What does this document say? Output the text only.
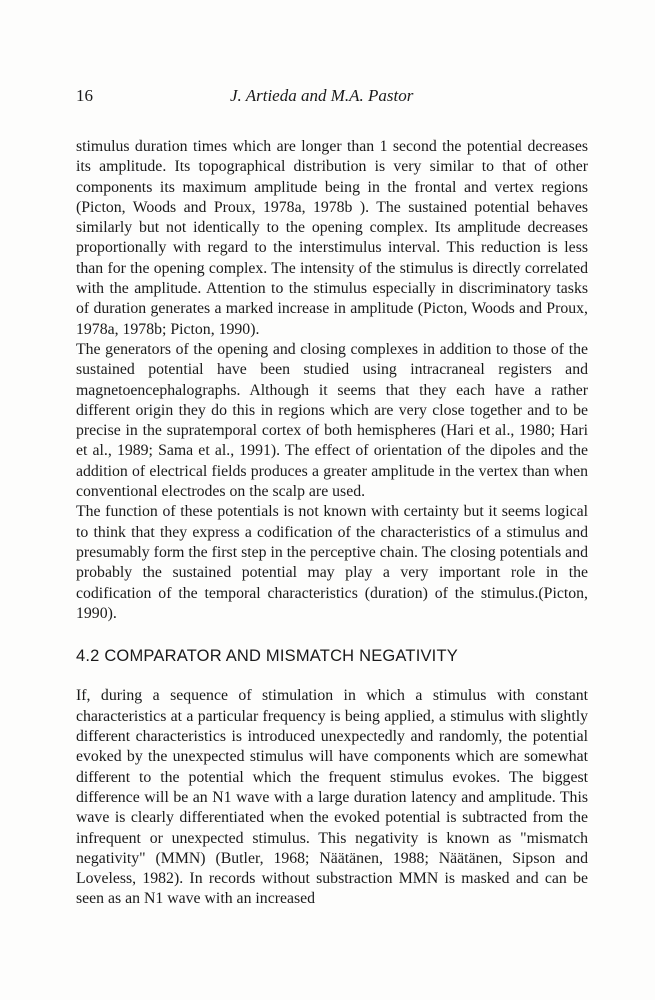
16	J. Artieda and M.A. Pastor

stimulus duration times which are longer than 1 second the potential decreases its amplitude. Its topographical distribution is very similar to that of other components its maximum amplitude being in the frontal and vertex regions (Picton, Woods and Proux, 1978a, 1978b ). The sustained potential behaves similarly but not identically to the opening complex. Its amplitude decreases proportionally with regard to the interstimulus interval. This reduction is less than for the opening complex. The intensity of the stimulus is directly correlated with the amplitude. Attention to the stimulus especially in discriminatory tasks of duration generates a marked increase in amplitude (Picton, Woods and Proux, 1978a, 1978b; Picton, 1990).

The generators of the opening and closing complexes in addition to those of the sustained potential have been studied using intracraneal registers and magnetoencephalographs. Although it seems that they each have a rather different origin they do this in regions which are very close together and to be precise in the supratemporal cortex of both hemispheres (Hari et al., 1980; Hari et al., 1989; Sama et al., 1991). The effect of orientation of the dipoles and the addition of electrical fields produces a greater amplitude in the vertex than when conventional electrodes on the scalp are used.

The function of these potentials is not known with certainty but it seems logical to think that they express a codification of the characteristics of a stimulus and presumably form the first step in the perceptive chain. The closing potentials and probably the sustained potential may play a very important role in the codification of the temporal characteristics (duration) of the stimulus.(Picton, 1990).

4.2 COMPARATOR AND MISMATCH NEGATIVITY

If, during a sequence of stimulation in which a stimulus with constant characteristics at a particular frequency is being applied, a stimulus with slightly different characteristics is introduced unexpectedly and randomly, the potential evoked by the unexpected stimulus will have components which are somewhat different to the potential which the frequent stimulus evokes. The biggest difference will be an N1 wave with a large duration latency and amplitude. This wave is clearly differentiated when the evoked potential is subtracted from the infrequent or unexpected stimulus. This negativity is known as "mismatch negativity" (MMN) (Butler, 1968; Näätänen, 1988; Näätänen, Sipson and Loveless, 1982). In records without substraction MMN is masked and can be seen as an N1 wave with an increased
